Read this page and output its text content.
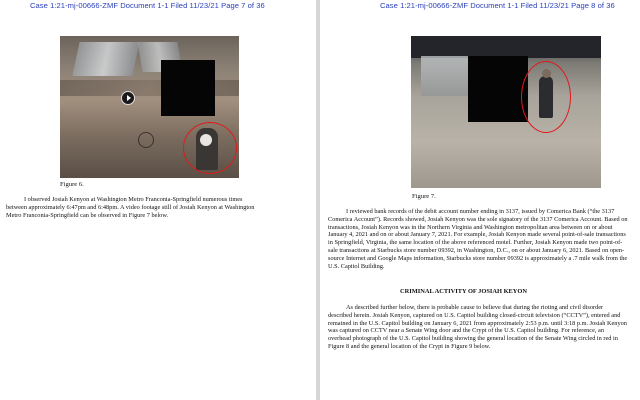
Case 1:21-mj-00666-ZMF Document 1-1 Filed 11/23/21 Page 7 of 36
Figure 6.

I observed Josiah Kenyon at Washington Metro Franconia-Springfield numerous times between approximately 6:47pm and 6:48pm. A video footage still of Josiah Kenyon at Washington Metro Franconia-Springfield can be observed in Figure 7 below.

Case 1:21-mj-00666-ZMF Document 1-1 Filed 11/23/21 Page 8 of 36
Figure 7.

I reviewed bank records of the debit account number ending in 3137, issued by Comerica Bank (“the 3137 Comerica Account”). Records showed, Josiah Kenyon was the sole signatory of the 3137 Comerica Account. Based on transactions, Josiah Kenyon was in the Northern Virginia and Washington metropolitan area between on or about January 4, 2021 and on or about January 7, 2021. For example, Josiah Kenyon made several point-of-sale transactions in Springfield, Virginia, the same location of the above referenced motel. Further, Josiah Kenyon made two point-of-sale transactions at Starbucks store number 09392, in Washington, D.C., on or about January 6, 2021. Based on open-source Internet and Google Maps information, Starbucks store number 09392 is approximately a .7 mile walk from the U.S. Capitol Building.

CRIMINAL ACTIVITY OF JOSIAH KEYON

As described further below, there is probable cause to believe that during the rioting and civil disorder described herein. Josiah Kenyon, captured on U.S. Capitol building closed-circuit television (“CCTV”), entered and remained in the U.S. Capitol building on January 6, 2021 from approximately 2:53 p.m. until 3:18 p.m. Josiah Kenyon was captured on CCTV near a Senate Wing door and the Crypt of the U.S. Capitol building. For reference, an overhead photograph of the U.S. Capitol building showing the general location of the Senate Wing circled in red in Figure 8 and the general location of the Crypt in Figure 9 below.
